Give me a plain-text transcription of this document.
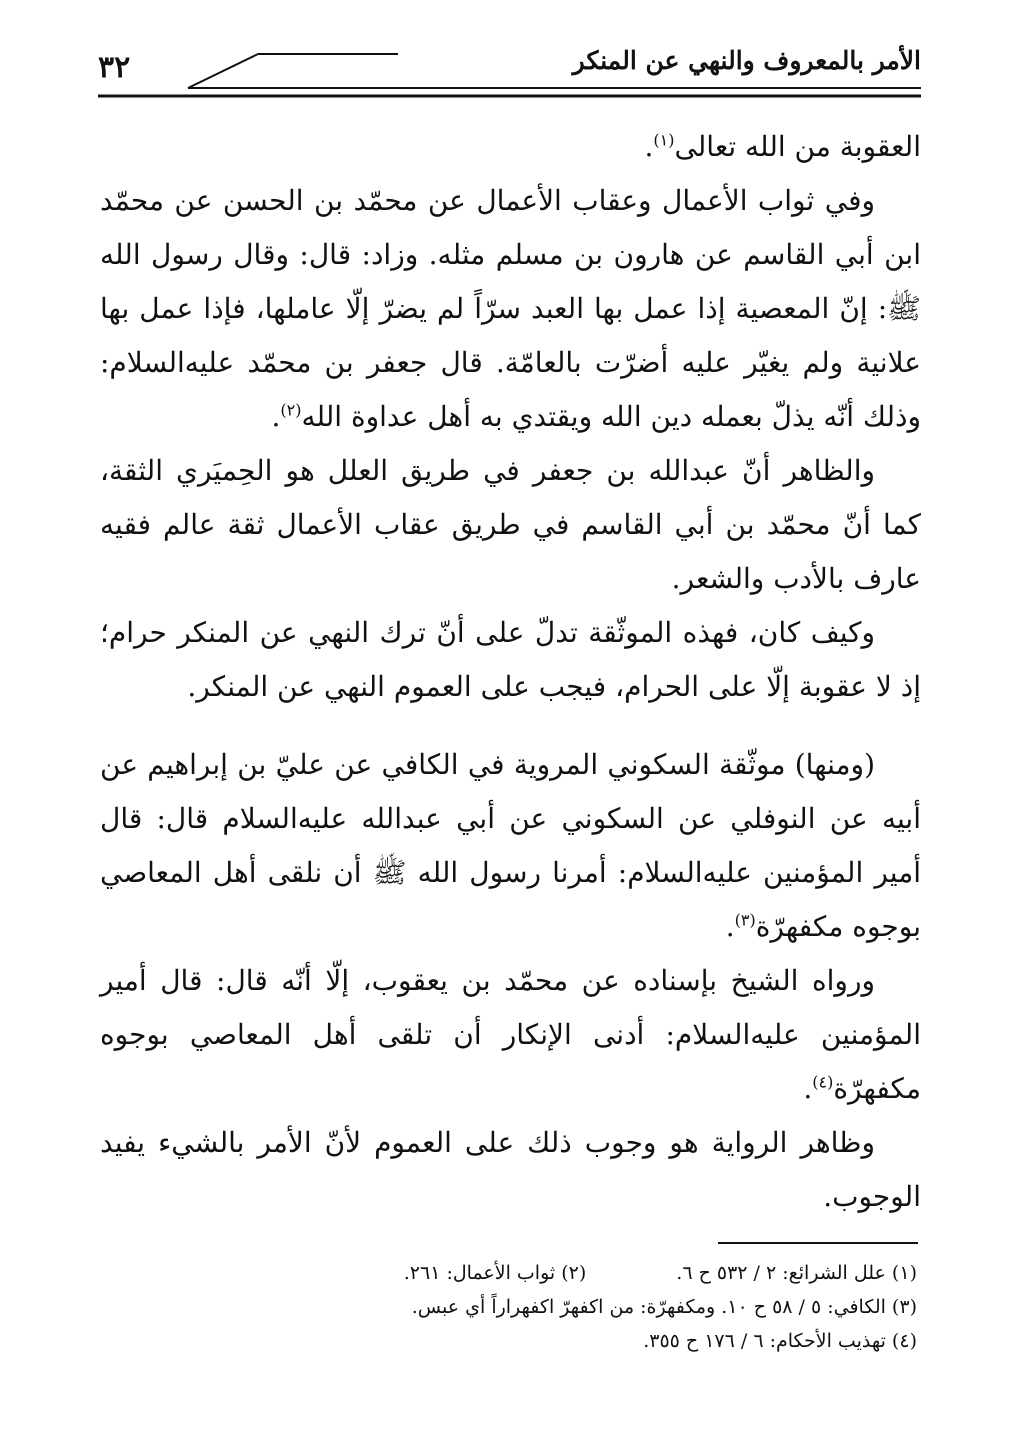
الأمر بالمعروف والنهي عن المنكر
٣٢

العقوبة من الله تعالى$^{(١)}$.

وفي ثواب الأعمال وعقاب الأعمال عن محمّد بن الحسن عن محمّد ابن أبي القاسم عن هارون بن مسلم مثله. وزاد: قال: وقال رسول الله ﷺ: إنّ المعصية إذا عمل بها العبد سرّاً لم يضرّ إلّا عاملها، فإذا عمل بها علانية ولم يغيّر عليه أضرّت بالعامّة. قال جعفر بن محمّد عليه‌السلام: وذلك أنّه يذلّ بعمله دين الله ويقتدي به أهل عداوة الله$^{(٢)}$.

والظاهر أنّ عبدالله بن جعفر في طريق العلل هو الحِميَري الثقة، كما أنّ محمّد بن أبي القاسم في طريق عقاب الأعمال ثقة عالم فقيه عارف بالأدب والشعر.

وكيف كان، فهذه الموثّقة تدلّ على أنّ ترك النهي عن المنكر حرام؛ إذ لا عقوبة إلّا على الحرام، فيجب على العموم النهي عن المنكر.

(ومنها) موثّقة السكوني المروية في الكافي عن عليّ بن إبراهيم عن أبيه عن النوفلي عن السكوني عن أبي عبدالله عليه‌السلام قال: قال أمير المؤمنين عليه‌السلام: أمرنا رسول الله ﷺ أن نلقى أهل المعاصي بوجوه مكفهرّة$^{(٣)}$.

ورواه الشيخ بإسناده عن محمّد بن يعقوب، إلّا أنّه قال: قال أمير المؤمنين عليه‌السلام: أدنى الإنكار أن تلقى أهل المعاصي بوجوه مكفهرّة$^{(٤)}$.

وظاهر الرواية هو وجوب ذلك على العموم لأنّ الأمر بالشيء يفيد الوجوب.

(١) علل الشرائع: ٢ / ٥٣٢ ح ٦.
(٢) ثواب الأعمال: ٢٦١.
(٣) الكافي: ٥ / ٥٨ ح ١٠. ومكفهرّة: من اكفهرّ اكفهراراً أي عبس.
(٤) تهذيب الأحكام: ٦ / ١٧٦ ح ٣٥٥.
